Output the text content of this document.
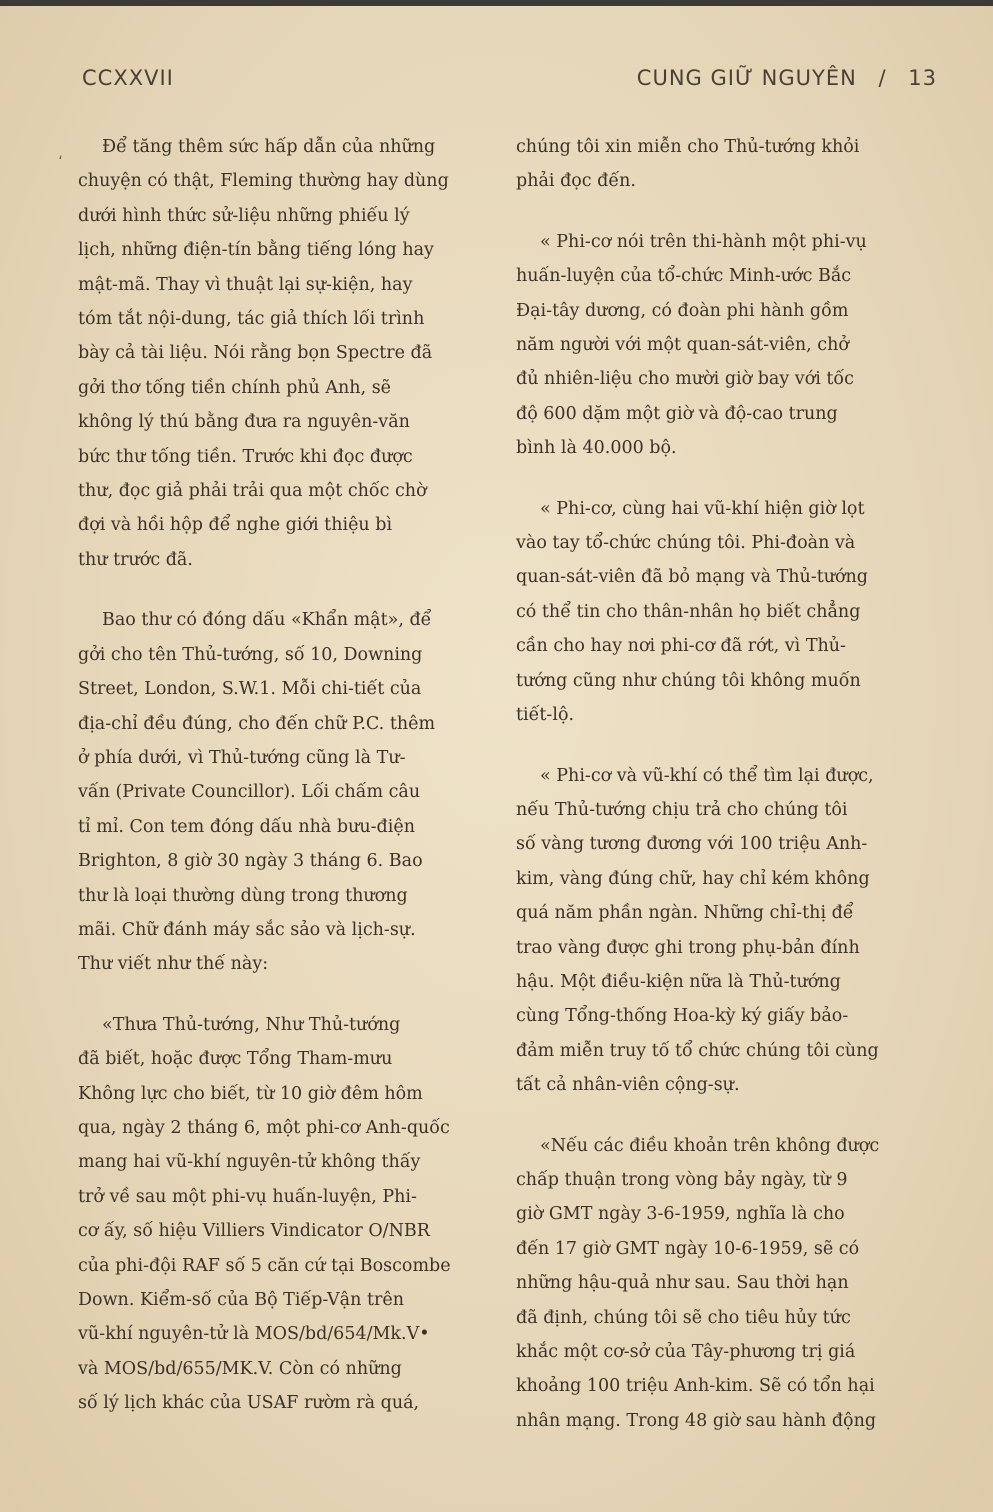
CCXXVII	CUNG GIỮ NGUYÊN / 13
،	Để tăng thêm sức hấp dẫn của những
chuyện có thật, Fleming thường hay dùng
dưới hình thức sử-liệu những phiếu lý
lịch, những điện-tín bằng tiếng lóng hay
mật-mã. Thay vì thuật lại sự-kiện, hay
tóm tắt nội-dung, tác giả thích lối trình
bày cả tài liệu. Nói rằng bọn Spectre đã
gởi thơ tống tiền chính phủ Anh, sẽ
không lý thú bằng đưa ra nguyên-văn
bức thư tống tiền. Trước khi đọc được
thư, đọc giả phải trải qua một chốc chờ
đợi và hồi hộp để nghe giới thiệu bì
thư trước đã.
Bao thư có đóng dấu «Khẩn mật», để
gởi cho tên Thủ-tướng, số 10, Downing
Street, London, S.W.1. Mỗi chi-tiết của
địa-chỉ đều đúng, cho đến chữ P.C. thêm
ở phía dưới, vì Thủ-tướng cũng là Tư-
vấn (Private Councillor). Lối chấm câu
tỉ mỉ. Con tem đóng dấu nhà bưu-điện
Brighton, 8 giờ 30 ngày 3 tháng 6. Bao
thư là loại thường dùng trong thương
mãi. Chữ đánh máy sắc sảo và lịch-sự.
Thư viết như thế này:
«Thưa Thủ-tướng, Như Thủ-tướng
đã biết, hoặc được Tổng Tham-mưu
Không lực cho biết, từ 10 giờ đêm hôm
qua, ngày 2 tháng 6, một phi-cơ Anh-quốc
mang hai vũ-khí nguyên-tử không thấy
trở về sau một phi-vụ huấn-luyện, Phi-
cơ ấy, số hiệu Villiers Vindicator O/NBR
của phi-đội RAF số 5 căn cứ tại Boscombe
Down. Kiểm-số của Bộ Tiếp-Vận trên
vũ-khí nguyên-tử là MOS/bd/654/Mk.V•
và MOS/bd/655/MK.V. Còn có những
số lý lịch khác của USAF rườm rà quá,
chúng tôi xin miễn cho Thủ-tướng khỏi
phải đọc đến.
« Phi-cơ nói trên thi-hành một phi-vụ
huấn-luyện của tổ-chức Minh-ước Bắc
Đại-tây dương, có đoàn phi hành gồm
năm người với một quan-sát-viên, chở
đủ nhiên-liệu cho mười giờ bay với tốc
độ 600 dặm một giờ và độ-cao trung
bình là 40.000 bộ.
« Phi-cơ, cùng hai vũ-khí hiện giờ lọt
vào tay tổ-chức chúng tôi. Phi-đoàn và
quan-sát-viên đã bỏ mạng và Thủ-tướng
có thể tin cho thân-nhân họ biết chẳng
cần cho hay nơi phi-cơ đã rớt, vì Thủ-
tướng cũng như chúng tôi không muốn
tiết-lộ.
« Phi-cơ và vũ-khí có thể tìm lại được,
nếu Thủ-tướng chịu trả cho chúng tôi
số vàng tương đương với 100 triệu Anh-
kim, vàng đúng chữ, hay chỉ kém không
quá năm phần ngàn. Những chỉ-thị để
trao vàng được ghi trong phụ-bản đính
hậu. Một điều-kiện nữa là Thủ-tướng
cùng Tổng-thống Hoa-kỳ ký giấy bảo-
đảm miễn truy tố tổ chức chúng tôi cùng
tất cả nhân-viên cộng-sự.
«Nếu các điều khoản trên không được
chấp thuận trong vòng bảy ngày, từ 9
giờ GMT ngày 3-6-1959, nghĩa là cho
đến 17 giờ GMT ngày 10-6-1959, sẽ có
những hậu-quả như sau. Sau thời hạn
đã định, chúng tôi sẽ cho tiêu hủy tức
khắc một cơ-sở của Tây-phương trị giá
khoảng 100 triệu Anh-kim. Sẽ có tổn hại
nhân mạng. Trong 48 giờ sau hành động
